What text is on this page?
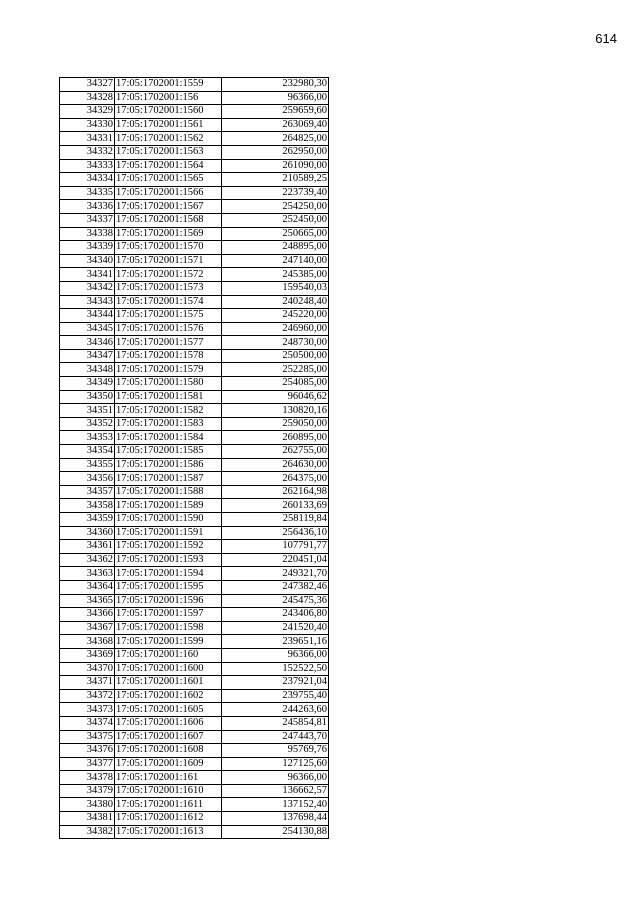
614
34327	17:05:1702001:1559	232980,30
34328	17:05:1702001:156	96366,00
34329	17:05:1702001:1560	259659,60
34330	17:05:1702001:1561	263069,40
34331	17:05:1702001:1562	264825,00
34332	17:05:1702001:1563	262950,00
34333	17:05:1702001:1564	261090,00
34334	17:05:1702001:1565	210589,25
34335	17:05:1702001:1566	223739,40
34336	17:05:1702001:1567	254250,00
34337	17:05:1702001:1568	252450,00
34338	17:05:1702001:1569	250665,00
34339	17:05:1702001:1570	248895,00
34340	17:05:1702001:1571	247140,00
34341	17:05:1702001:1572	245385,00
34342	17:05:1702001:1573	159540,03
34343	17:05:1702001:1574	240248,40
34344	17:05:1702001:1575	245220,00
34345	17:05:1702001:1576	246960,00
34346	17:05:1702001:1577	248730,00
34347	17:05:1702001:1578	250500,00
34348	17:05:1702001:1579	252285,00
34349	17:05:1702001:1580	254085,00
34350	17:05:1702001:1581	96046,62
34351	17:05:1702001:1582	130820,16
34352	17:05:1702001:1583	259050,00
34353	17:05:1702001:1584	260895,00
34354	17:05:1702001:1585	262755,00
34355	17:05:1702001:1586	264630,00
34356	17:05:1702001:1587	264375,00
34357	17:05:1702001:1588	262164,98
34358	17:05:1702001:1589	260133,69
34359	17:05:1702001:1590	258119,84
34360	17:05:1702001:1591	256436,10
34361	17:05:1702001:1592	107791,77
34362	17:05:1702001:1593	220451,04
34363	17:05:1702001:1594	249321,70
34364	17:05:1702001:1595	247382,46
34365	17:05:1702001:1596	245475,36
34366	17:05:1702001:1597	243406,80
34367	17:05:1702001:1598	241520,40
34368	17:05:1702001:1599	239651,16
34369	17:05:1702001:160	96366,00
34370	17:05:1702001:1600	152522,50
34371	17:05:1702001:1601	237921,04
34372	17:05:1702001:1602	239755,40
34373	17:05:1702001:1605	244263,60
34374	17:05:1702001:1606	245854,81
34375	17:05:1702001:1607	247443,70
34376	17:05:1702001:1608	95769,76
34377	17:05:1702001:1609	127125,60
34378	17:05:1702001:161	96366,00
34379	17:05:1702001:1610	136662,57
34380	17:05:1702001:1611	137152,40
34381	17:05:1702001:1612	137698,44
34382	17:05:1702001:1613	254130,88
